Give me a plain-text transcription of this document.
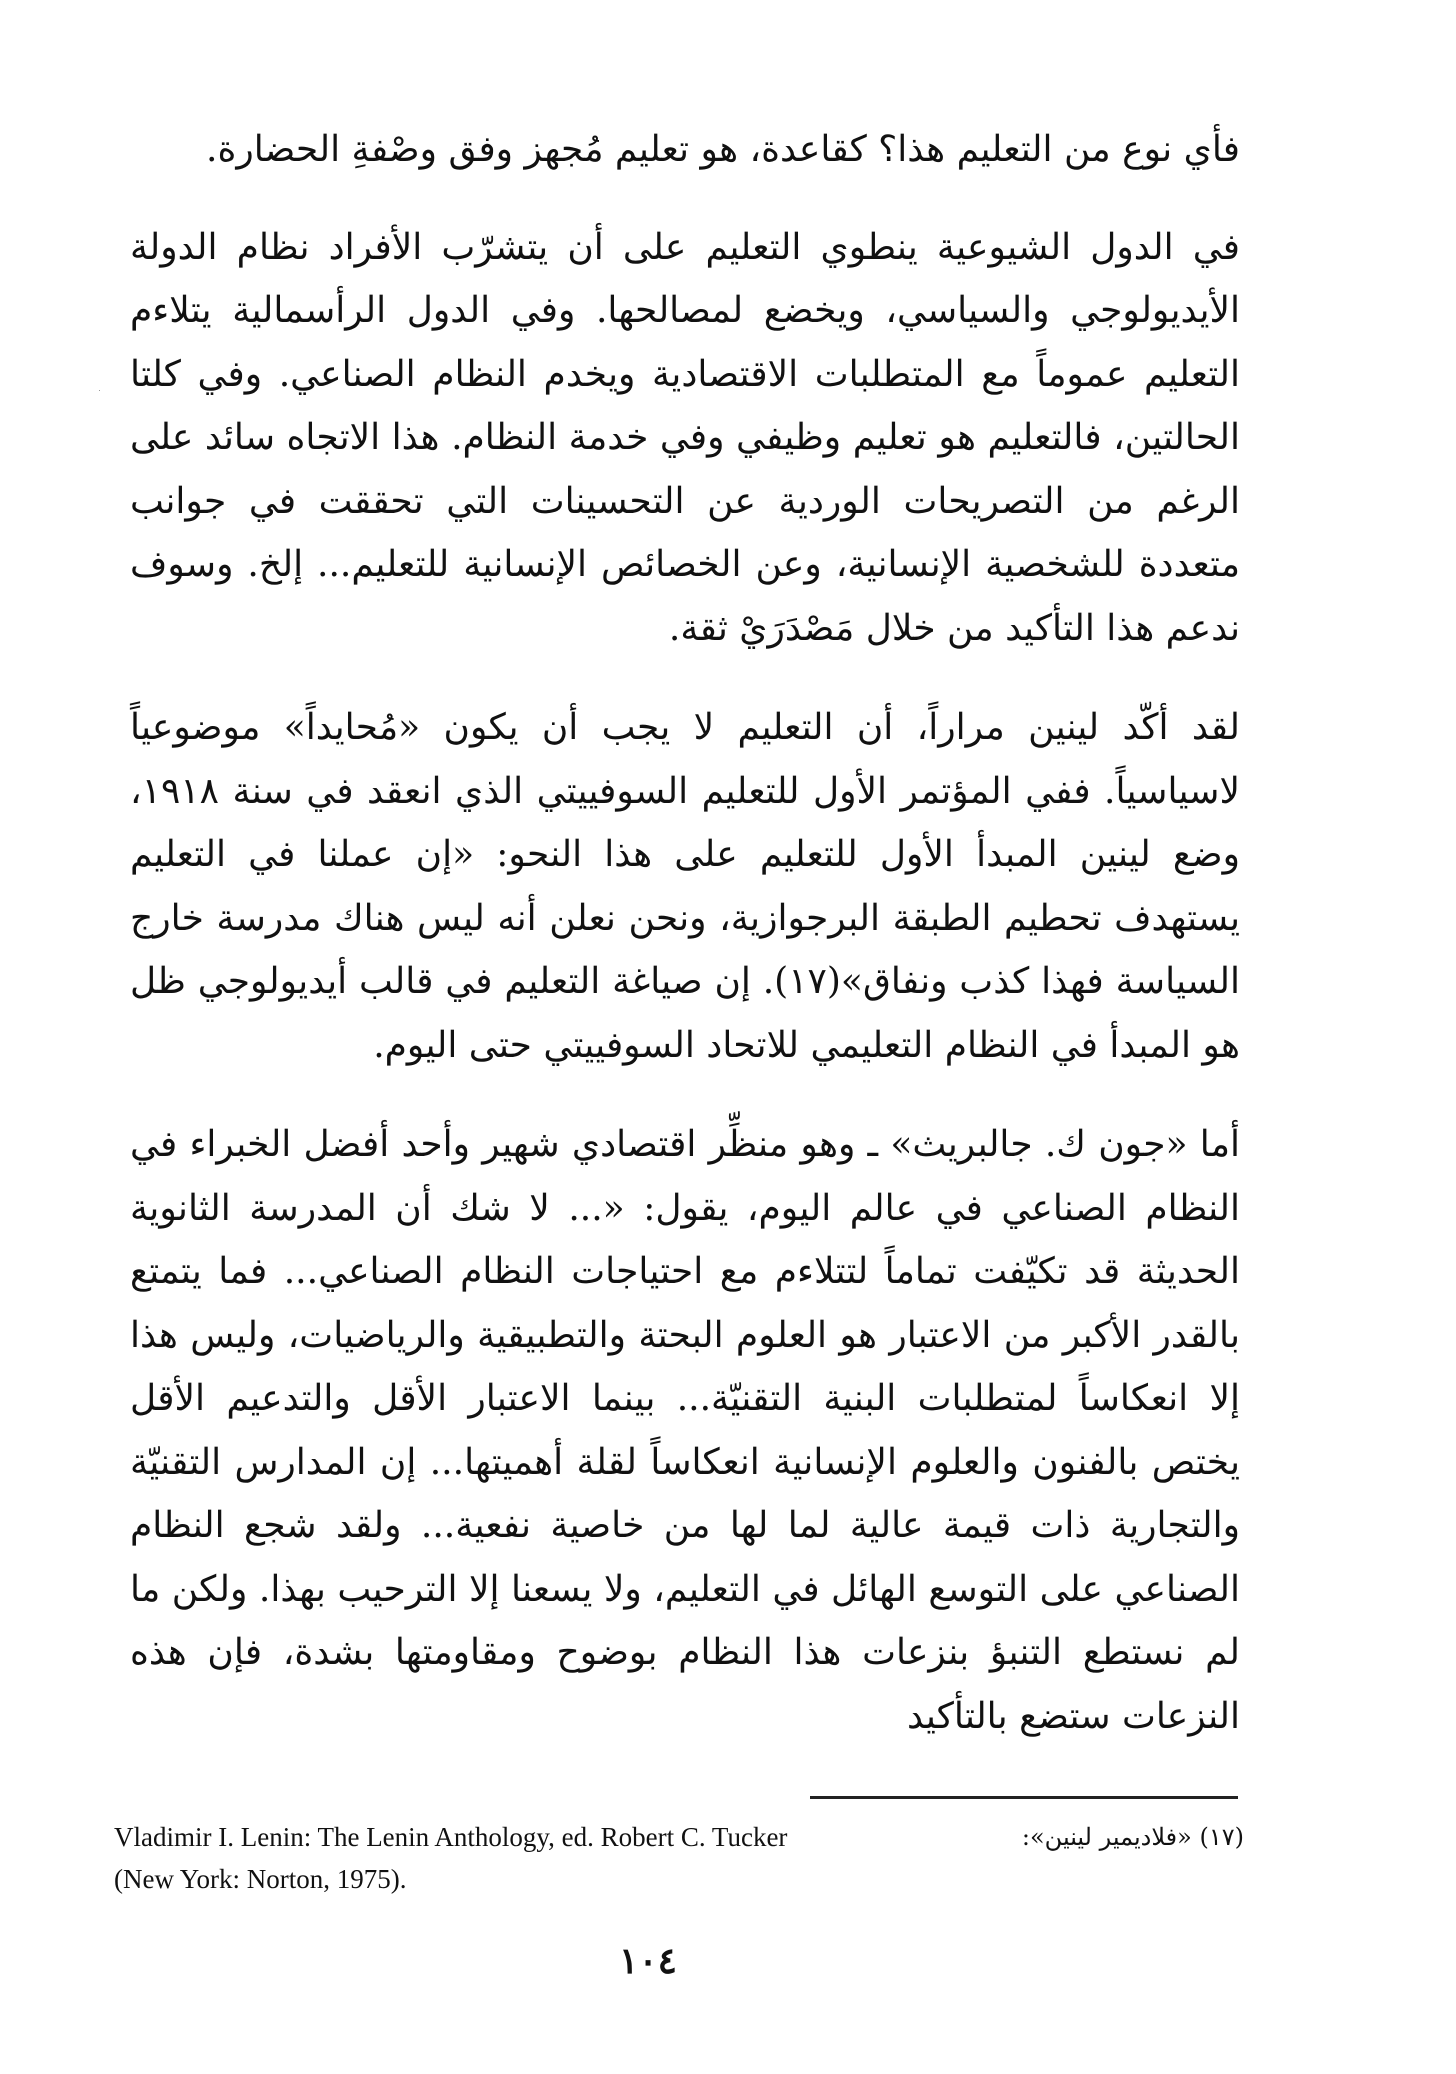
فأي نوع من التعليم هذا؟ كقاعدة، هو تعليم مُجهز وفق وصْفةِ الحضارة.

في الدول الشيوعية ينطوي التعليم على أن يتشرّب الأفراد نظام الدولة الأيديولوجي والسياسي، ويخضع لمصالحها. وفي الدول الرأسمالية يتلاءم التعليم عموماً مع المتطلبات الاقتصادية ويخدم النظام الصناعي. وفي كلتا الحالتين، فالتعليم هو تعليم وظيفي وفي خدمة النظام. هذا الاتجاه سائد على الرغم من التصريحات الوردية عن التحسينات التي تحققت في جوانب متعددة للشخصية الإنسانية، وعن الخصائص الإنسانية للتعليم... إلخ. وسوف ندعم هذا التأكيد من خلال مَصْدَرَيْ ثقة.

لقد أكّد لينين مراراً، أن التعليم لا يجب أن يكون «مُحايداً» موضوعياً لاسياسياً. ففي المؤتمر الأول للتعليم السوفييتي الذي انعقد في سنة ١٩١٨، وضع لينين المبدأ الأول للتعليم على هذا النحو: «إن عملنا في التعليم يستهدف تحطيم الطبقة البرجوازية، ونحن نعلن أنه ليس هناك مدرسة خارج السياسة فهذا كذب ونفاق»(١٧). إن صياغة التعليم في قالب أيديولوجي ظل هو المبدأ في النظام التعليمي للاتحاد السوفييتي حتى اليوم.

أما «جون ك. جالبريث» ـ وهو منظِّر اقتصادي شهير وأحد أفضل الخبراء في النظام الصناعي في عالم اليوم، يقول: «... لا شك أن المدرسة الثانوية الحديثة قد تكيّفت تماماً لتتلاءم مع احتياجات النظام الصناعي... فما يتمتع بالقدر الأكبر من الاعتبار هو العلوم البحتة والتطبيقية والرياضيات، وليس هذا إلا انعكاساً لمتطلبات البنية التقنيّة... بينما الاعتبار الأقل والتدعيم الأقل يختص بالفنون والعلوم الإنسانية انعكاساً لقلة أهميتها... إن المدارس التقنيّة والتجارية ذات قيمة عالية لما لها من خاصية نفعية... ولقد شجع النظام الصناعي على التوسع الهائل في التعليم، ولا يسعنا إلا الترحيب بهذا. ولكن ما لم نستطع التنبؤ بنزعات هذا النظام بوضوح ومقاومتها بشدة، فإن هذه النزعات ستضع بالتأكيد

Vladimir I. Lenin: The Lenin Anthology, ed. Robert C. Tucker	(١٧) «فلاديمير لينين»:
(New York: Norton, 1975).
١٠٤
